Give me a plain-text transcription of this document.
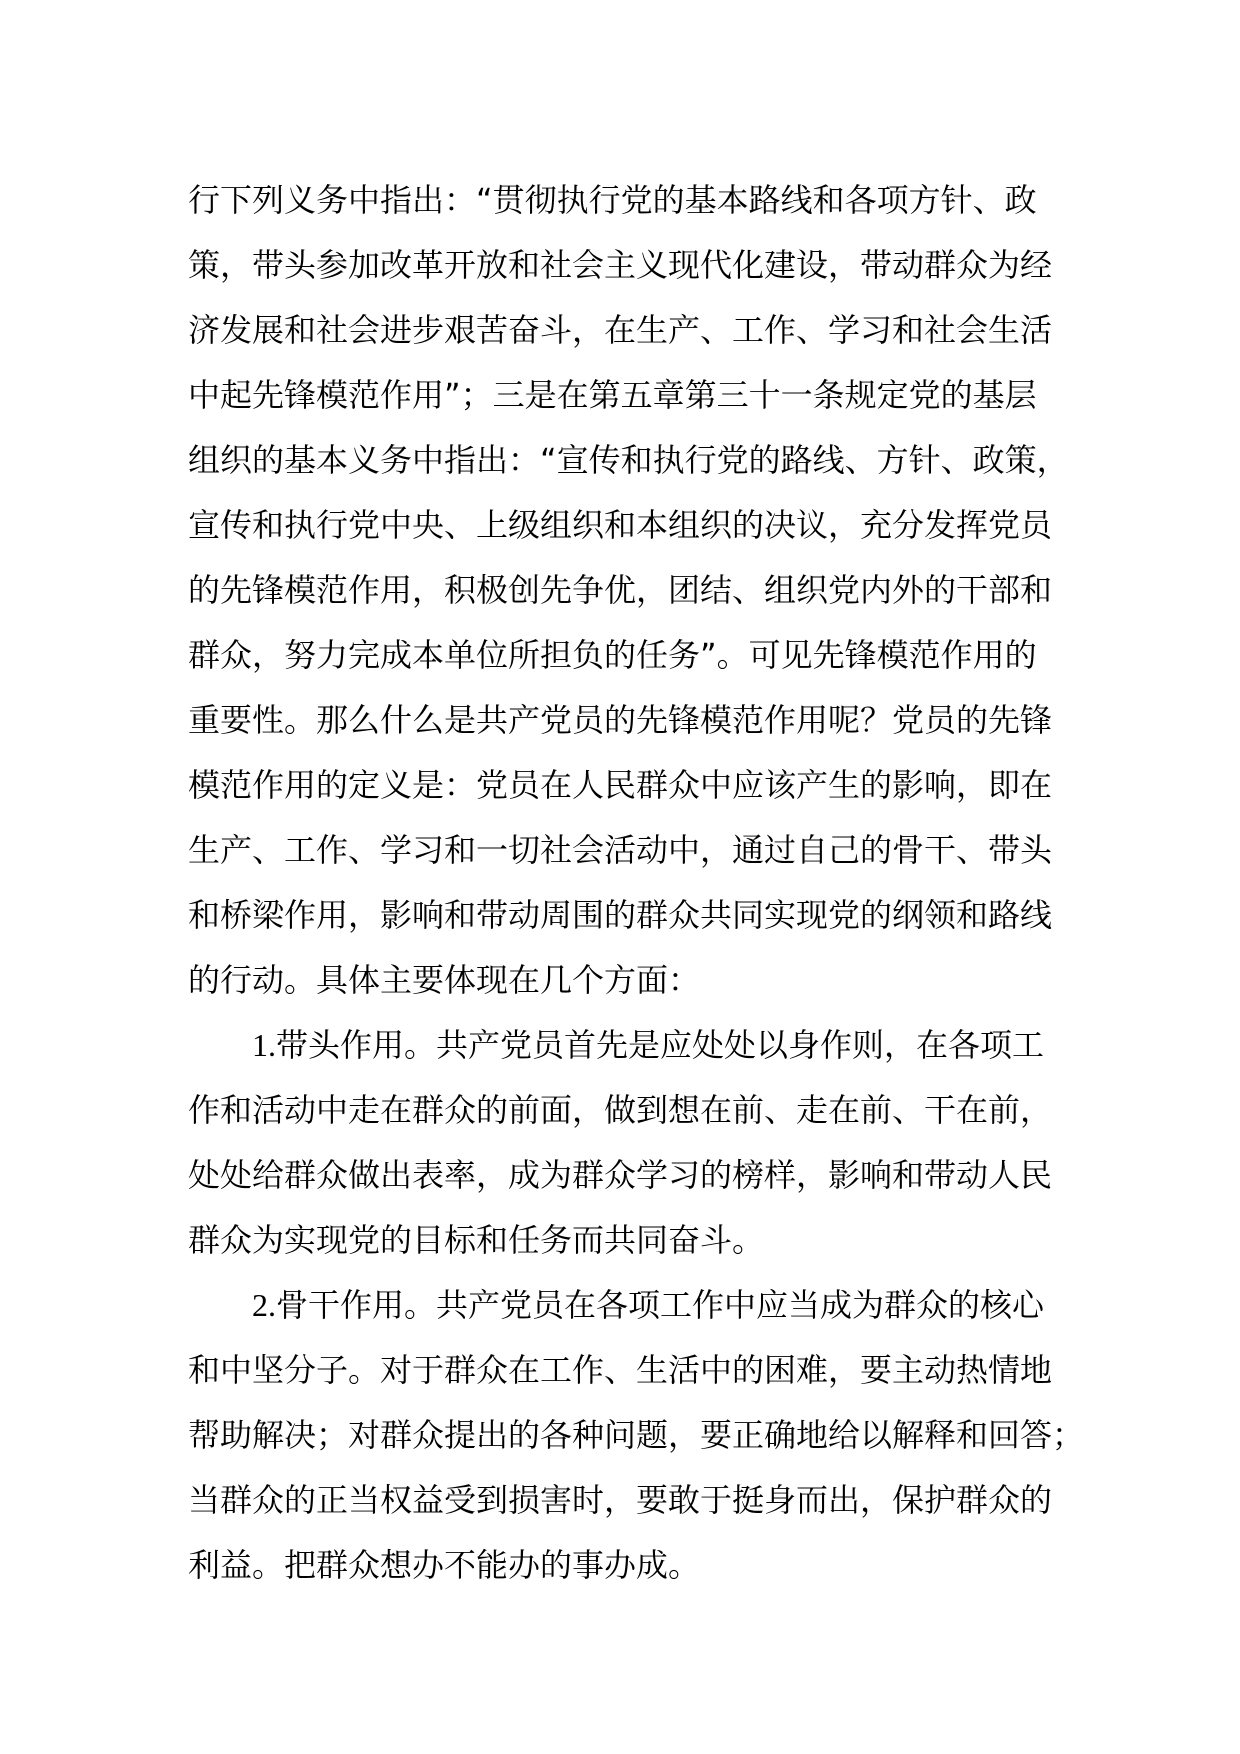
行下列义务中指出：“贯彻执行党的基本路线和各项方针、政
策，带头参加改革开放和社会主义现代化建设，带动群众为经
济发展和社会进步艰苦奋斗，在生产、工作、学习和社会生活
中起先锋模范作用”；三是在第五章第三十一条规定党的基层
组织的基本义务中指出：“宣传和执行党的路线、方针、政策，
宣传和执行党中央、上级组织和本组织的决议，充分发挥党员
的先锋模范作用，积极创先争优，团结、组织党内外的干部和
群众，努力完成本单位所担负的任务”。可见先锋模范作用的
重要性。那么什么是共产党员的先锋模范作用呢？党员的先锋
模范作用的定义是：党员在人民群众中应该产生的影响，即在
生产、工作、学习和一切社会活动中，通过自己的骨干、带头
和桥梁作用，影响和带动周围的群众共同实现党的纲领和路线
的行动。具体主要体现在几个方面：
1.带头作用。共产党员首先是应处处以身作则，在各项工
作和活动中走在群众的前面，做到想在前、走在前、干在前，
处处给群众做出表率，成为群众学习的榜样，影响和带动人民
群众为实现党的目标和任务而共同奋斗。
2.骨干作用。共产党员在各项工作中应当成为群众的核心
和中坚分子。对于群众在工作、生活中的困难，要主动热情地
帮助解决；对群众提出的各种问题，要正确地给以解释和回答；
当群众的正当权益受到损害时，要敢于挺身而出，保护群众的
利益。把群众想办不能办的事办成。
